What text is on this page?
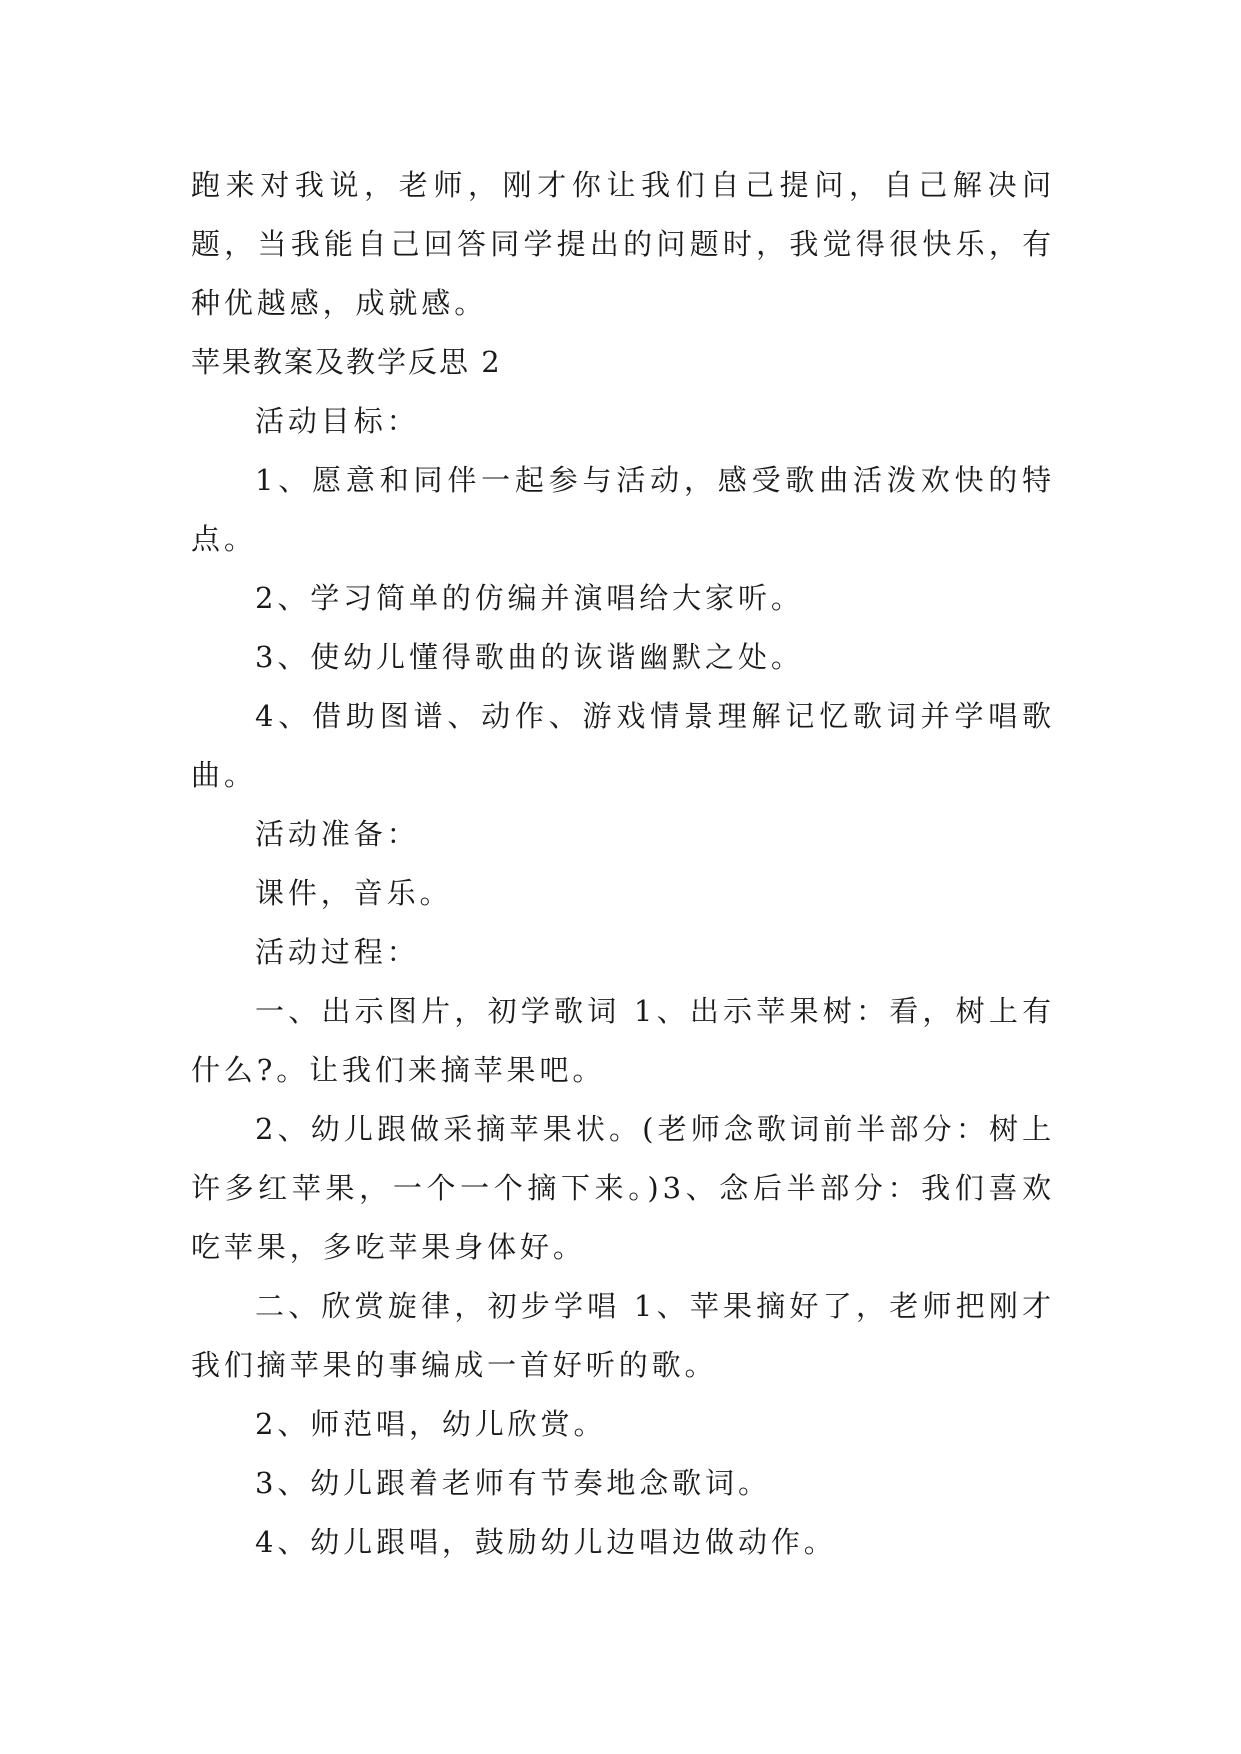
跑来对我说，老师，刚才你让我们自己提问，自己解决问题，当我能自己回答同学提出的问题时，我觉得很快乐，有种优越感，成就感。

苹果教案及教学反思 2

活动目标：

1、愿意和同伴一起参与活动，感受歌曲活泼欢快的特点。

2、学习简单的仿编并演唱给大家听。

3、使幼儿懂得歌曲的诙谐幽默之处。

4、借助图谱、动作、游戏情景理解记忆歌词并学唱歌曲。

活动准备：

课件，音乐。

活动过程：

一、出示图片，初学歌词 1、出示苹果树：看，树上有什么?。让我们来摘苹果吧。

2、幼儿跟做采摘苹果状。(老师念歌词前半部分：树上许多红苹果，一个一个摘下来。)3、念后半部分：我们喜欢吃苹果，多吃苹果身体好。

二、欣赏旋律，初步学唱 1、苹果摘好了，老师把刚才我们摘苹果的事编成一首好听的歌。

2、师范唱，幼儿欣赏。

3、幼儿跟着老师有节奏地念歌词。

4、幼儿跟唱，鼓励幼儿边唱边做动作。
